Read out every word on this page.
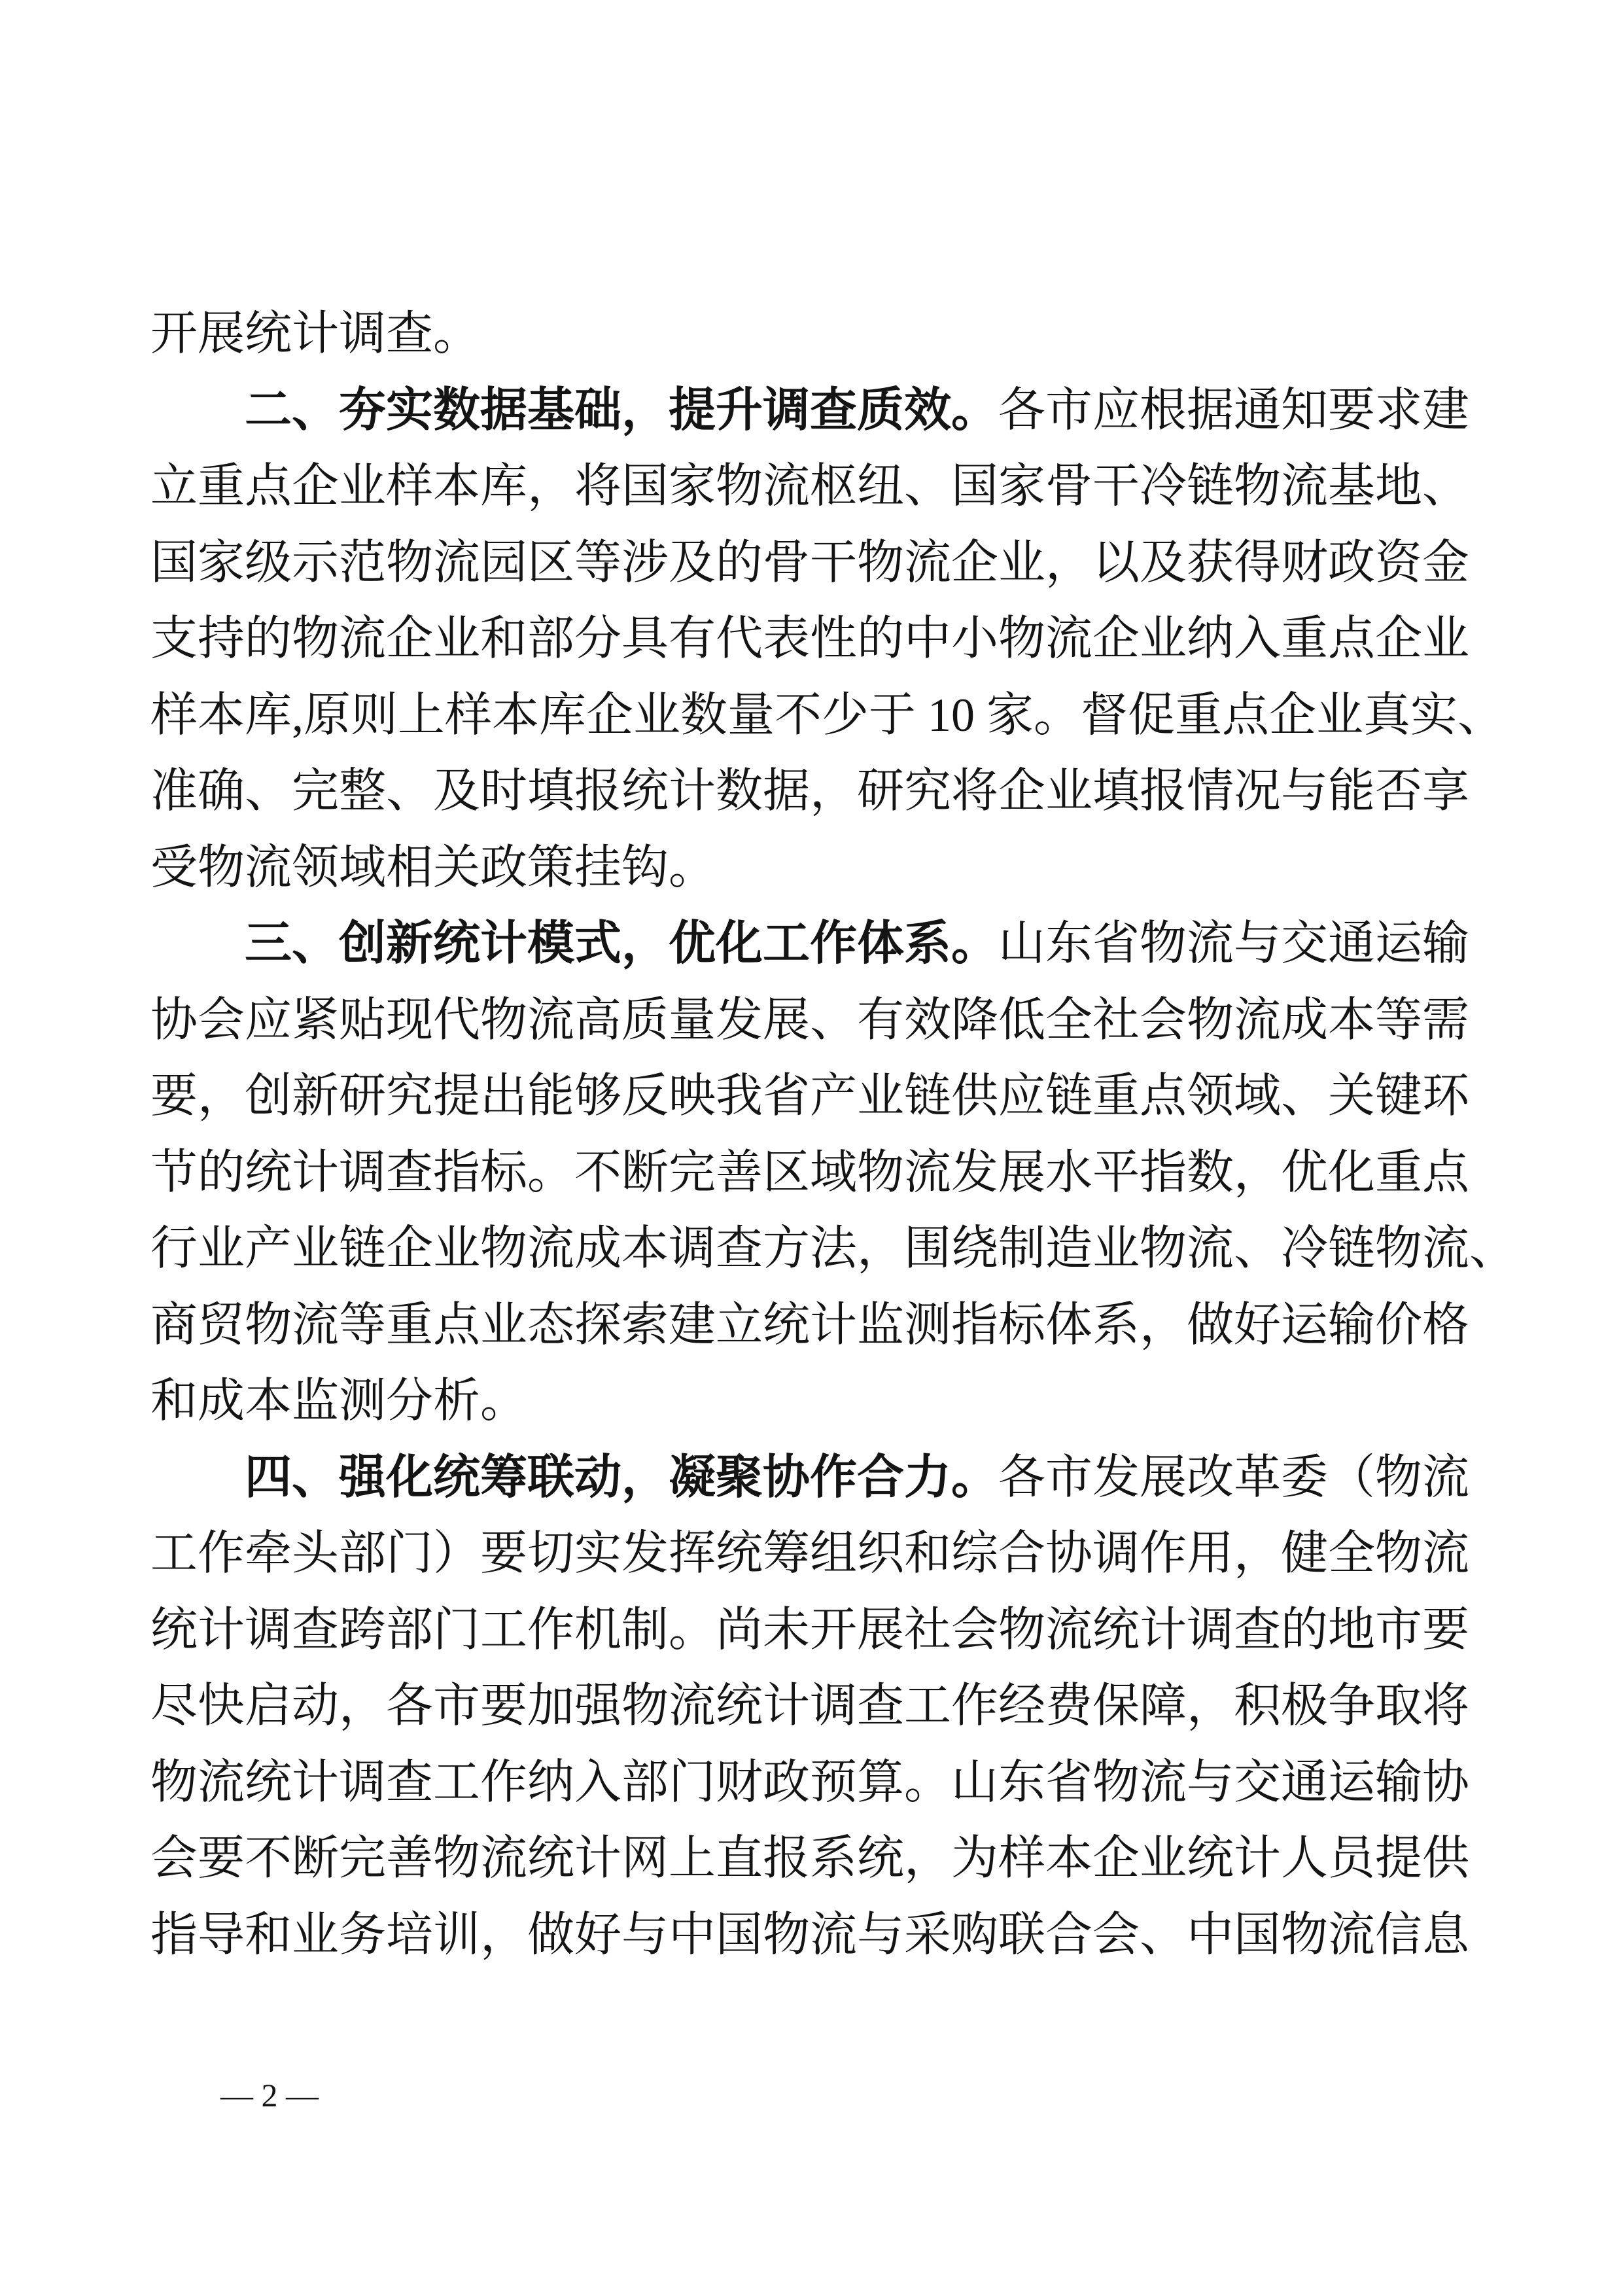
开展统计调查。
二、夯实数据基础，提升调查质效。各市应根据通知要求建
立重点企业样本库，将国家物流枢纽、国家骨干冷链物流基地、
国家级示范物流园区等涉及的骨干物流企业，以及获得财政资金
支持的物流企业和部分具有代表性的中小物流企业纳入重点企业
样本库,原则上样本库企业数量不少于 10 家。督促重点企业真实、
准确、完整、及时填报统计数据，研究将企业填报情况与能否享
受物流领域相关政策挂钩。
三、创新统计模式，优化工作体系。山东省物流与交通运输
协会应紧贴现代物流高质量发展、有效降低全社会物流成本等需
要，创新研究提出能够反映我省产业链供应链重点领域、关键环
节的统计调查指标。不断完善区域物流发展水平指数，优化重点
行业产业链企业物流成本调查方法，围绕制造业物流、冷链物流、
商贸物流等重点业态探索建立统计监测指标体系，做好运输价格
和成本监测分析。
四、强化统筹联动，凝聚协作合力。各市发展改革委（物流
工作牵头部门）要切实发挥统筹组织和综合协调作用，健全物流
统计调查跨部门工作机制。尚未开展社会物流统计调查的地市要
尽快启动，各市要加强物流统计调查工作经费保障，积极争取将
物流统计调查工作纳入部门财政预算。山东省物流与交通运输协
会要不断完善物流统计网上直报系统，为样本企业统计人员提供
指导和业务培训，做好与中国物流与采购联合会、中国物流信息
— 2 —
